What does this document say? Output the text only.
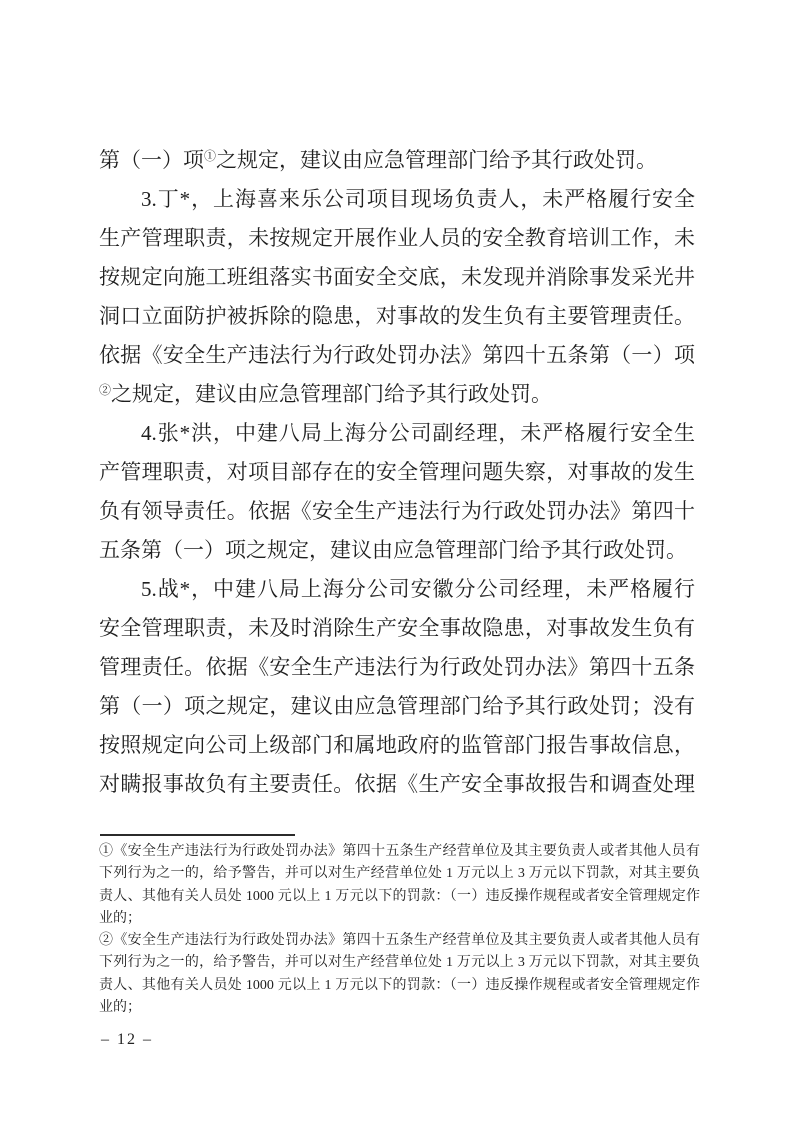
第（一）项①之规定，建议由应急管理部门给予其行政处罚。
3.丁*，上海喜来乐公司项目现场负责人，未严格履行安全
生产管理职责，未按规定开展作业人员的安全教育培训工作，未
按规定向施工班组落实书面安全交底，未发现并消除事发采光井
洞口立面防护被拆除的隐患，对事故的发生负有主要管理责任。
依据《安全生产违法行为行政处罚办法》第四十五条第（一）项
②之规定，建议由应急管理部门给予其行政处罚。
4.张*洪，中建八局上海分公司副经理，未严格履行安全生
产管理职责，对项目部存在的安全管理问题失察，对事故的发生
负有领导责任。依据《安全生产违法行为行政处罚办法》第四十
五条第（一）项之规定，建议由应急管理部门给予其行政处罚。
5.战*，中建八局上海分公司安徽分公司经理，未严格履行
安全管理职责，未及时消除生产安全事故隐患，对事故发生负有
管理责任。依据《安全生产违法行为行政处罚办法》第四十五条
第（一）项之规定，建议由应急管理部门给予其行政处罚；没有
按照规定向公司上级部门和属地政府的监管部门报告事故信息，
对瞒报事故负有主要责任。依据《生产安全事故报告和调查处理
①《安全生产违法行为行政处罚办法》第四十五条生产经营单位及其主要负责人或者其他人员有
下列行为之一的，给予警告，并可以对生产经营单位处 1 万元以上 3 万元以下罚款，对其主要负
责人、其他有关人员处 1000 元以上 1 万元以下的罚款：（一）违反操作规程或者安全管理规定作
业的；
②《安全生产违法行为行政处罚办法》第四十五条生产经营单位及其主要负责人或者其他人员有
下列行为之一的，给予警告，并可以对生产经营单位处 1 万元以上 3 万元以下罚款，对其主要负
责人、其他有关人员处 1000 元以上 1 万元以下的罚款：（一）违反操作规程或者安全管理规定作
业的；
– 12 –
